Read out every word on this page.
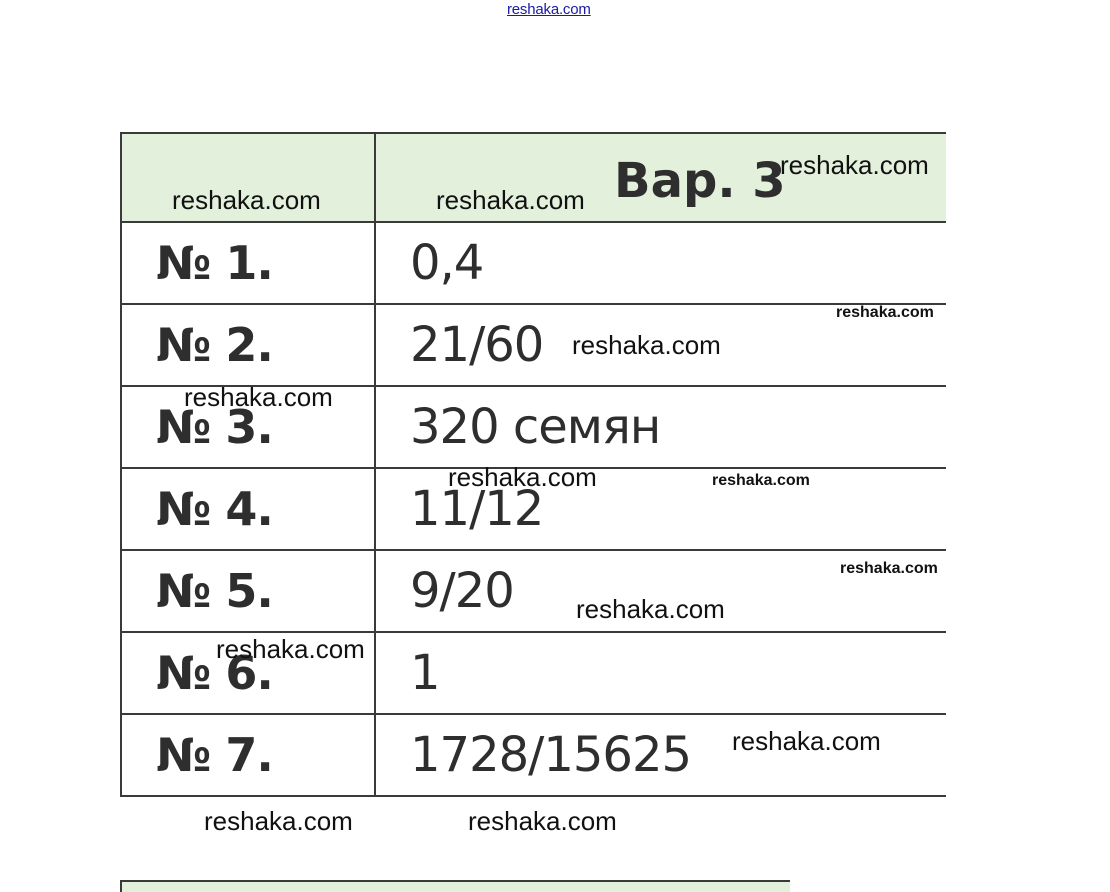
reshaka.com
	Вар. 3
№ 1.	0,4
№ 2.	21/60
№ 3.	320 семян
№ 4.	11/12
№ 5.	9/20
№ 6.	1
№ 7.	1728/15625
reshaka.com
reshaka.com	reshaka.com
reshaka.com
reshaka.com
reshaka.com
reshaka.com	reshaka.com
reshaka.com
reshaka.com
reshaka.com
reshaka.com
reshaka.com	reshaka.com
